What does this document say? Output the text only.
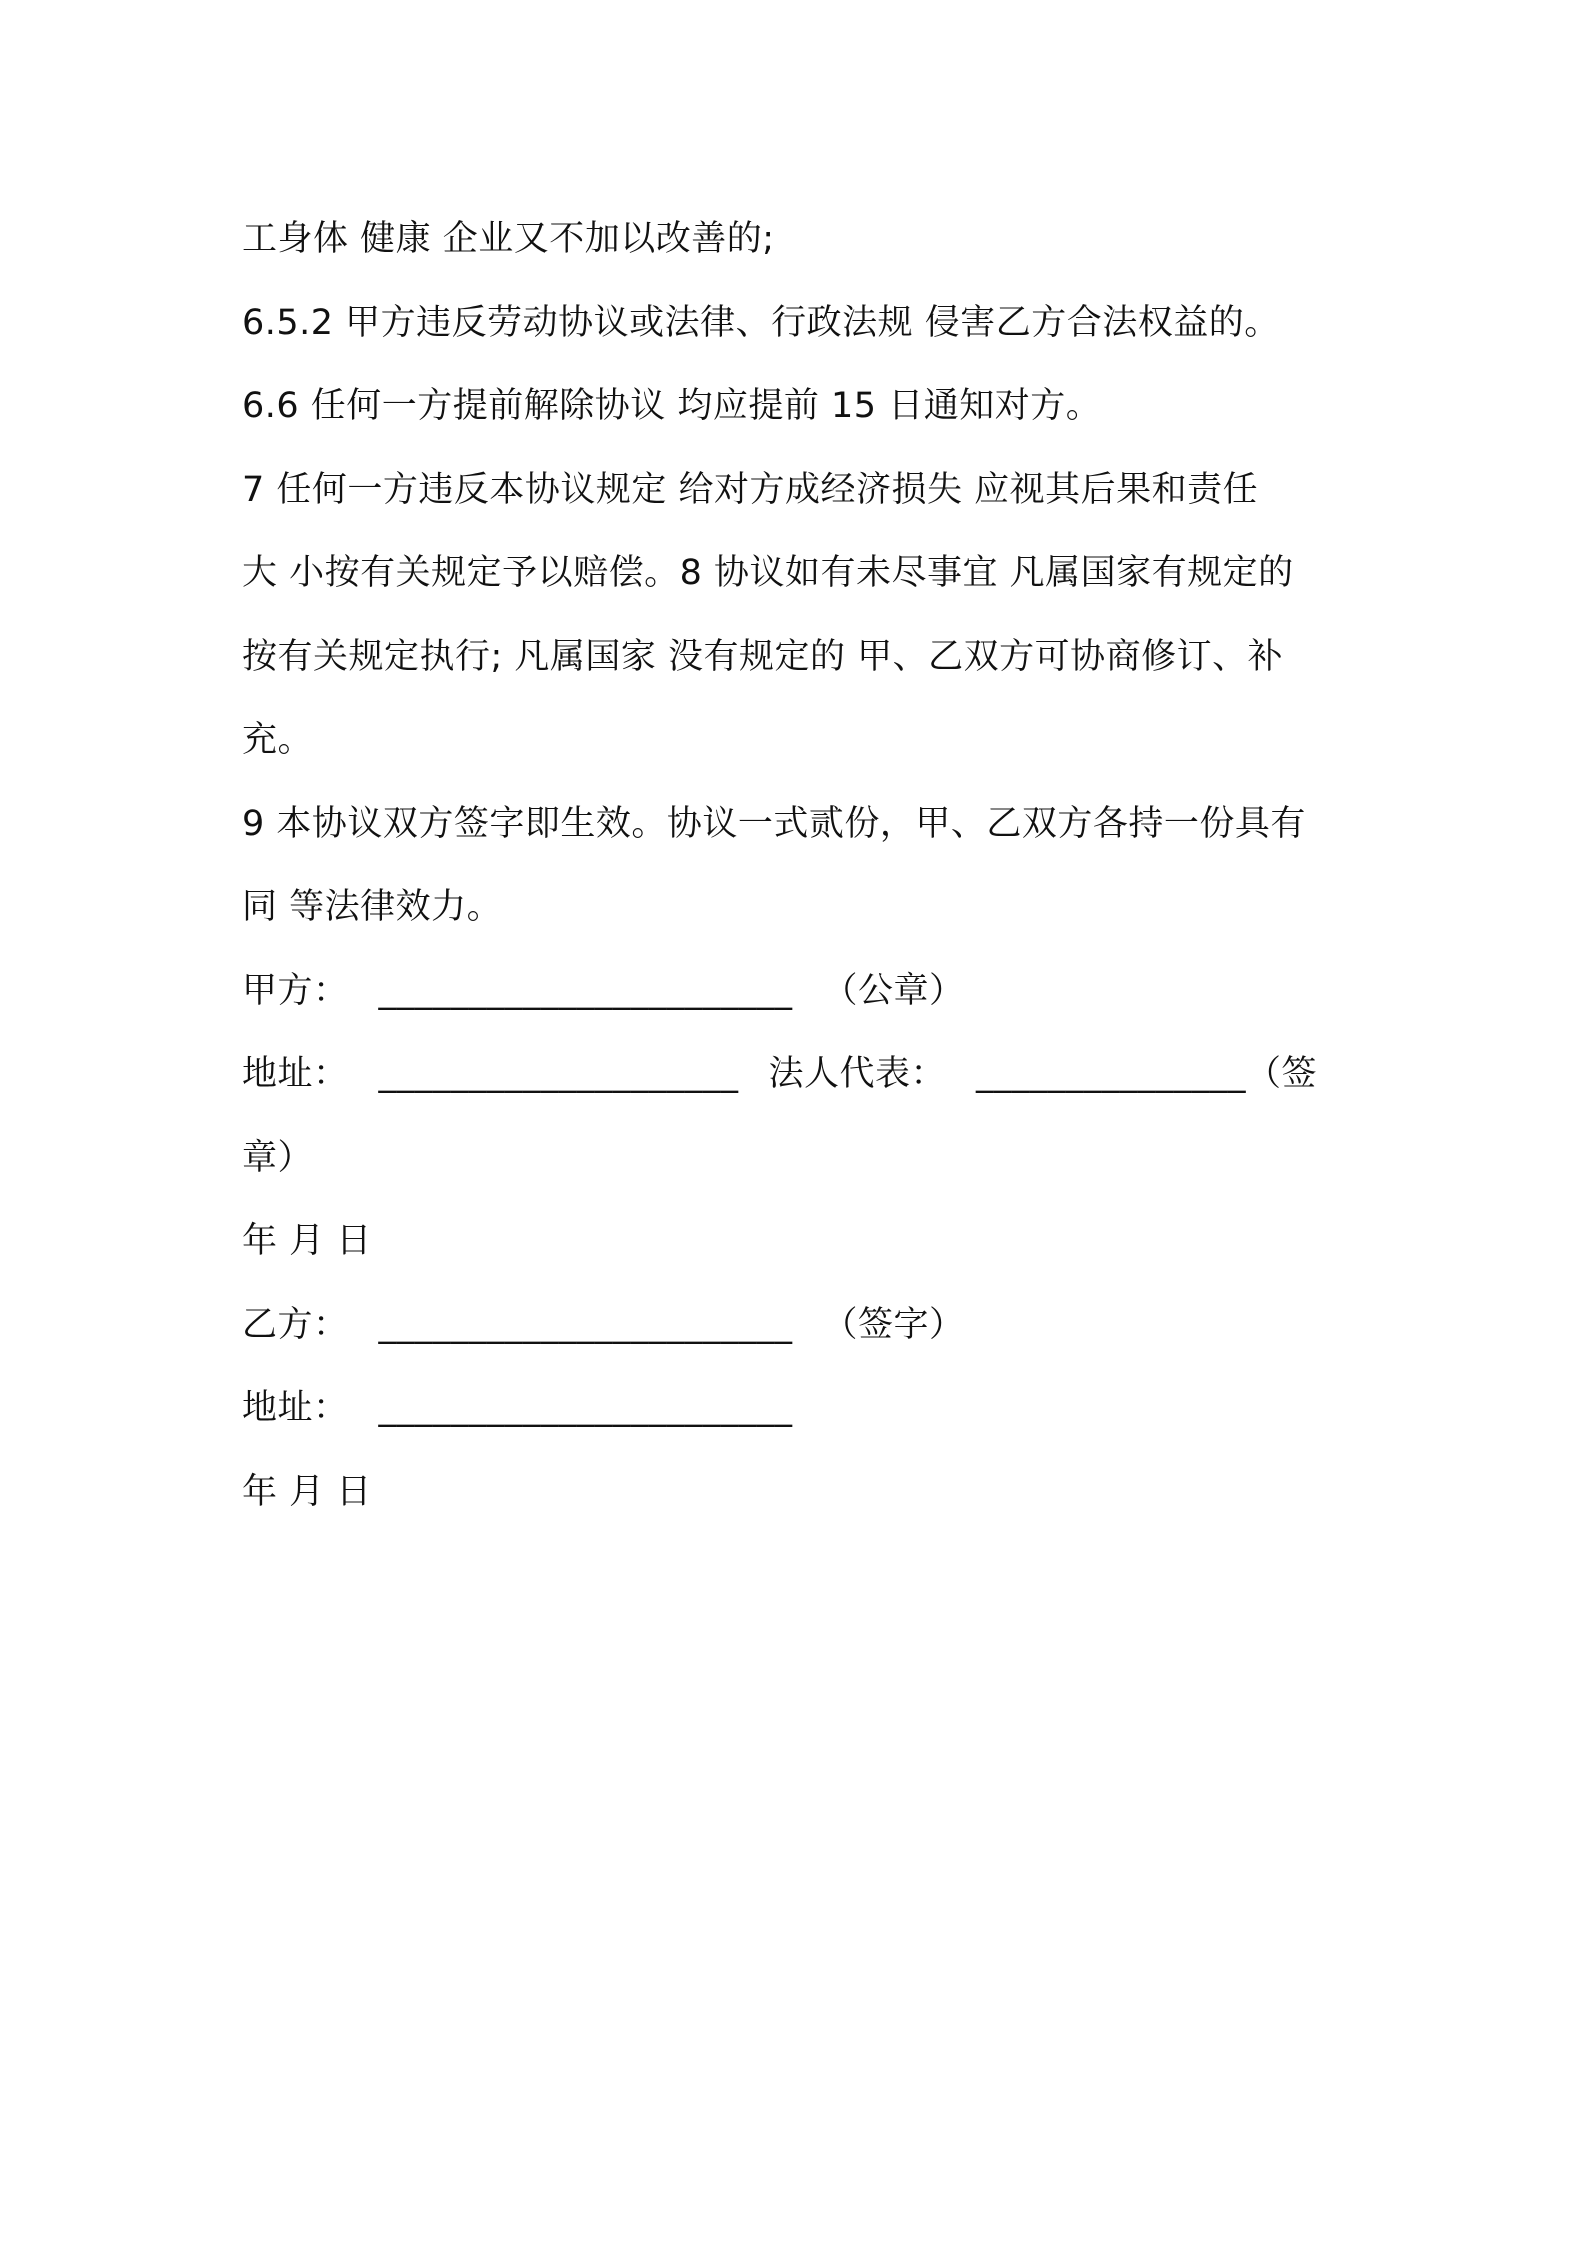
工身体 健康 企业又不加以改善的;
6.5.2 甲方违反劳动协议或法律、行政法规 侵害乙方合法权益的。
6.6 任何一方提前解除协议 均应提前 15 日通知对方。
7 任何一方违反本协议规定 给对方成经济损失 应视其后果和责任
大 小按有关规定予以赔偿。8 协议如有未尽事宜 凡属国家有规定的
按有关规定执行; 凡属国家 没有规定的 甲、乙双方可协商修订、补
充。
9 本协议双方签字即生效。协议一式贰份，甲、乙双方各持一份具有
同 等法律效力。
甲方： _______________________ （公章）
地址： ____________________ 法人代表： _______________（签
章）
年 月 日
乙方： _______________________ （签字）
地址： _______________________
年 月 日
